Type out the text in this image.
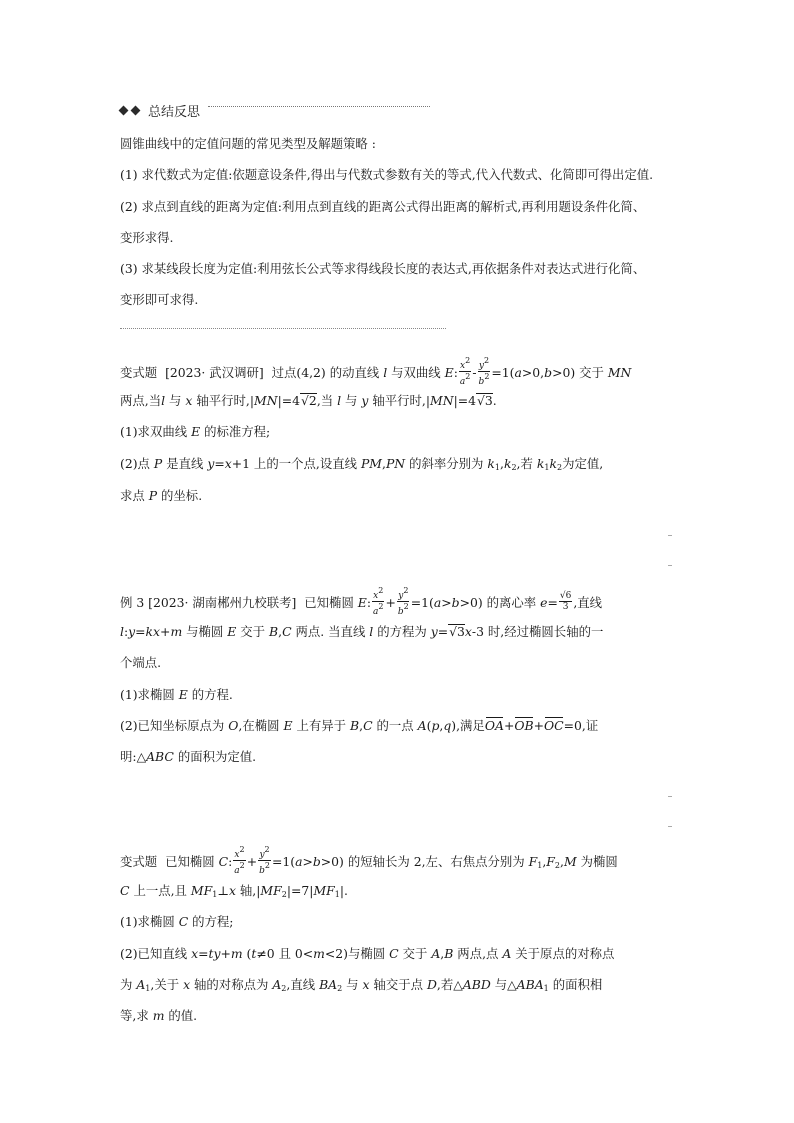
总结反思
圆锥曲线中的定值问题的常见类型及解题策略 :
(1) 求代数式为定值:依题意设条件,得出与代数式参数有关的等式,代入代数式、化简即可得出定值.
(2) 求点到直线的距离为定值:利用点到直线的距离公式得出距离的解析式,再利用题设条件化简、
变形求得.
(3) 求某线段长度为定值:利用弦长公式等求得线段长度的表达式,再依据条件对表达式进行化简、
变形即可求得.
变式题 [2023· 武汉调研] 过点(4,2) 的动直线 l 与双曲线 E: $\frac{x2}{a2} - \frac{y2}{b2} =1(a>0,b>0)$ 交于 MN
两点,当l 与 x 轴平行时,|MN|=4√2,当 l 与 y 轴平行时,|MN|=4√3.
(1)求双曲线 E 的标准方程;
(2)点 P 是直线 y=x+1 上的一个点,设直线 PM,PN 的斜率分别为 $k_1,k_2$,若 $k_1k_2$为定值,
求点 P 的坐标.
例 3 [2023· 湖南郴州九校联考] 已知椭圆 E: $\frac{x2}{a2} + \frac{y2}{b2} =1(a>b>0)$ 的离心率 $e= \frac{√6}{3}$ ,直线
l:y=kx+m 与椭圆 E 交于 B,C 两点. 当直线 l 的方程为 y=√3x-3 时,经过椭圆长轴的一
个端点.
(1)求椭圆 E 的方程.
(2)已知坐标原点为 O,在椭圆 E 上有异于 B,C 的一点 A(p,q),满足OA+OB+OC=0,证
明:△ABC 的面积为定值.
变式题 已知椭圆 C: $\frac{x2}{a2} + \frac{y2}{b2} =1(a>b>0)$ 的短轴长为 2,左、右焦点分别为 $F_1,F_2,M$ 为椭圆
C 上一点,且 $MF_1\perp x$ 轴$,|MF_2|=7|MF_1|$.
(1)求椭圆 C 的方程;
(2)已知直线 x=ty+m (t≠0 且 0<m<2)与椭圆 C 交于 A,B 两点,点 A 关于原点的对称点
为 $A_1$,关于 x 轴的对称点为 $A_2$,直线 $BA_2$ 与 x 轴交于点 D,若△ABD 与$\triangle ABA_1$ 的面积相
等,求 m 的值.
